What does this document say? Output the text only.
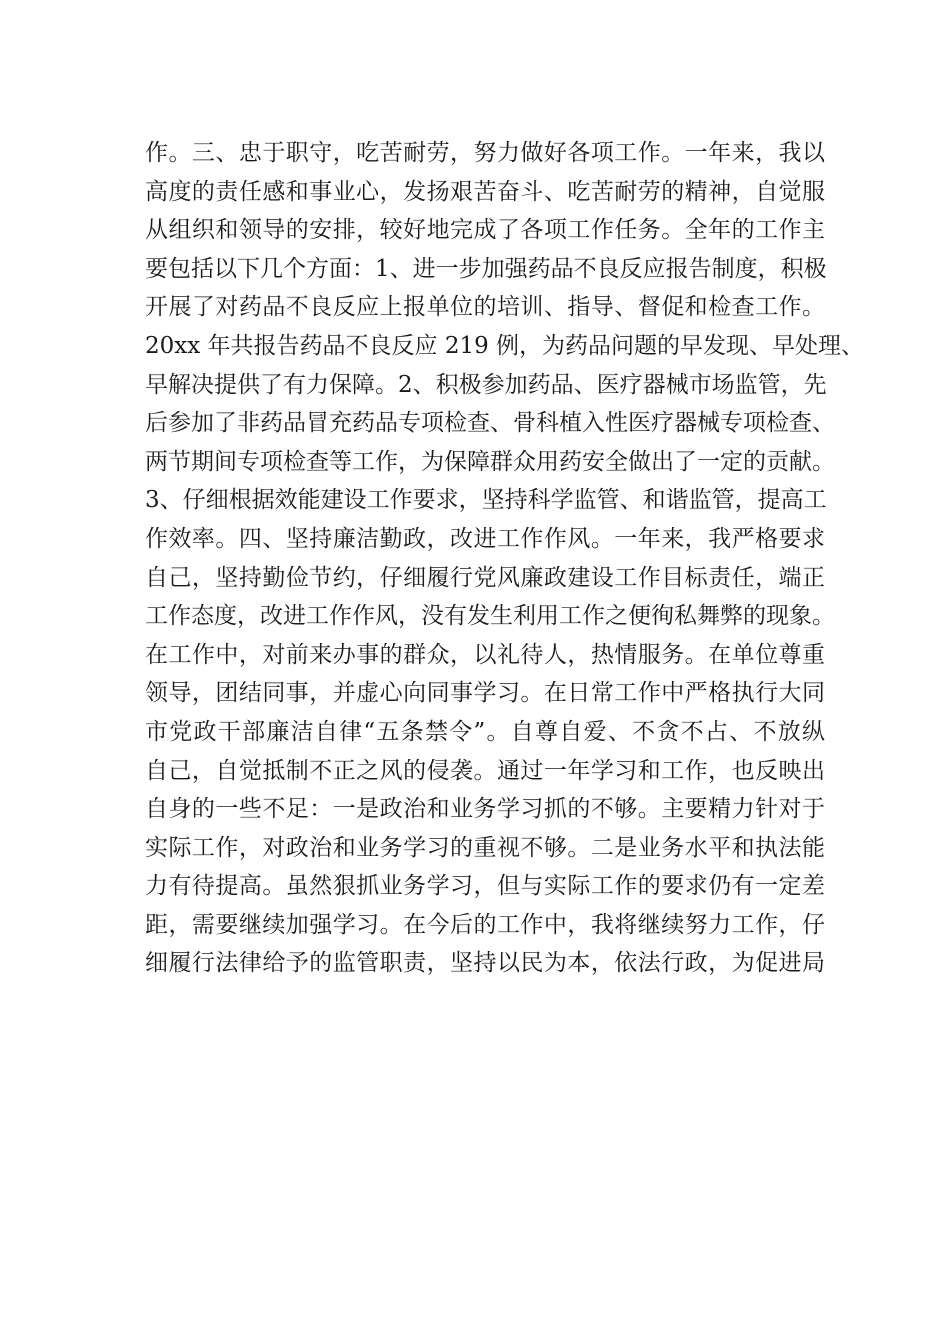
作。三、忠于职守，吃苦耐劳，努力做好各项工作。一年来，我以
高度的责任感和事业心，发扬艰苦奋斗、吃苦耐劳的精神，自觉服
从组织和领导的安排，较好地完成了各项工作任务。全年的工作主
要包括以下几个方面：1、进一步加强药品不良反应报告制度，积极
开展了对药品不良反应上报单位的培训、指导、督促和检查工作。
20xx 年共报告药品不良反应 219 例，为药品问题的早发现、早处理、
早解决提供了有力保障。2、积极参加药品、医疗器械市场监管，先
后参加了非药品冒充药品专项检查、骨科植入性医疗器械专项检查、
两节期间专项检查等工作，为保障群众用药安全做出了一定的贡献。
3、仔细根据效能建设工作要求，坚持科学监管、和谐监管，提高工
作效率。四、坚持廉洁勤政，改进工作作风。一年来，我严格要求
自己，坚持勤俭节约，仔细履行党风廉政建设工作目标责任，端正
工作态度，改进工作作风，没有发生利用工作之便徇私舞弊的现象。
在工作中，对前来办事的群众，以礼待人，热情服务。在单位尊重
领导，团结同事，并虚心向同事学习。在日常工作中严格执行大同
市党政干部廉洁自律“五条禁令”。自尊自爱、不贪不占、不放纵
自己，自觉抵制不正之风的侵袭。通过一年学习和工作，也反映出
自身的一些不足：一是政治和业务学习抓的不够。主要精力针对于
实际工作，对政治和业务学习的重视不够。二是业务水平和执法能
力有待提高。虽然狠抓业务学习，但与实际工作的要求仍有一定差
距，需要继续加强学习。在今后的工作中，我将继续努力工作，仔
细履行法律给予的监管职责，坚持以民为本，依法行政，为促进局
